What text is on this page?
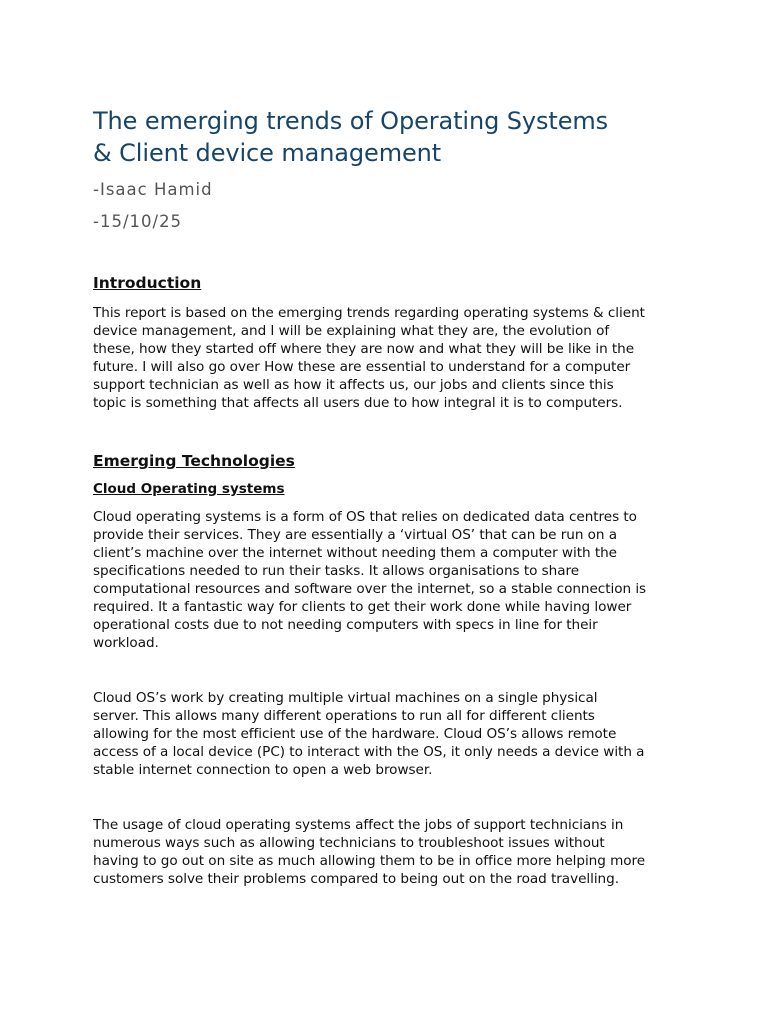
The emerging trends of Operating Systems
& Client device management

-Isaac Hamid

-15/10/25

Introduction

This report is based on the emerging trends regarding operating systems & client
device management, and I will be explaining what they are, the evolution of
these, how they started off where they are now and what they will be like in the
future. I will also go over How these are essential to understand for a computer
support technician as well as how it affects us, our jobs and clients since this
topic is something that affects all users due to how integral it is to computers.

Emerging Technologies
Cloud Operating systems

Cloud operating systems is a form of OS that relies on dedicated data centres to
provide their services. They are essentially a ‘virtual OS’ that can be run on a
client’s machine over the internet without needing them a computer with the
specifications needed to run their tasks. It allows organisations to share
computational resources and software over the internet, so a stable connection is
required. It a fantastic way for clients to get their work done while having lower
operational costs due to not needing computers with specs in line for their
workload.

Cloud OS’s work by creating multiple virtual machines on a single physical
server. This allows many different operations to run all for different clients
allowing for the most efficient use of the hardware. Cloud OS’s allows remote
access of a local device (PC) to interact with the OS, it only needs a device with a
stable internet connection to open a web browser.

The usage of cloud operating systems affect the jobs of support technicians in
numerous ways such as allowing technicians to troubleshoot issues without
having to go out on site as much allowing them to be in office more helping more
customers solve their problems compared to being out on the road travelling.
